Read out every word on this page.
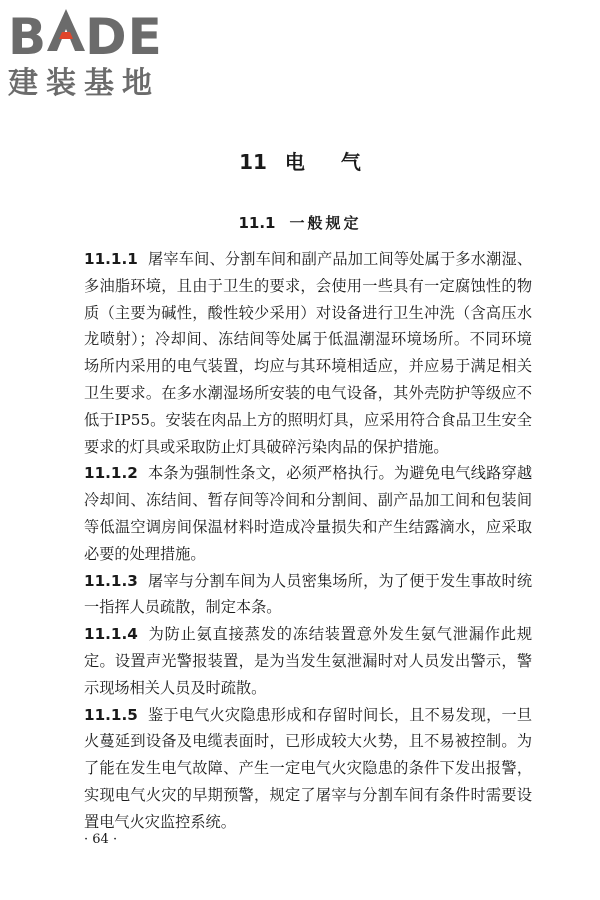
B DE
建装基地
11 电 气
11.1 一般规定
11.1.1 屠宰车间、分割车间和副产品加工间等处属于多水潮湿、多油脂环境，且由于卫生的要求，会使用一些具有一定腐蚀性的物质（主要为碱性，酸性较少采用）对设备进行卫生冲洗（含高压水龙喷射）；冷却间、冻结间等处属于低温潮湿环境场所。不同环境场所内采用的电气装置，均应与其环境相适应，并应易于满足相关卫生要求。在多水潮湿场所安装的电气设备，其外壳防护等级应不低于IP55。安装在肉品上方的照明灯具，应采用符合食品卫生安全要求的灯具或采取防止灯具破碎污染肉品的保护措施。
11.1.2 本条为强制性条文，必须严格执行。为避免电气线路穿越冷却间、冻结间、暂存间等冷间和分割间、副产品加工间和包装间等低温空调房间保温材料时造成冷量损失和产生结露滴水，应采取必要的处理措施。
11.1.3 屠宰与分割车间为人员密集场所，为了便于发生事故时统一指挥人员疏散，制定本条。
11.1.4 为防止氨直接蒸发的冻结装置意外发生氨气泄漏作此规定。设置声光警报装置，是为当发生氨泄漏时对人员发出警示，警示现场相关人员及时疏散。
11.1.5 鉴于电气火灾隐患形成和存留时间长，且不易发现，一旦火蔓延到设备及电缆表面时，已形成较大火势，且不易被控制。为了能在发生电气故障、产生一定电气火灾隐患的条件下发出报警，实现电气火灾的早期预警，规定了屠宰与分割车间有条件时需要设置电气火灾监控系统。
· 64 ·
